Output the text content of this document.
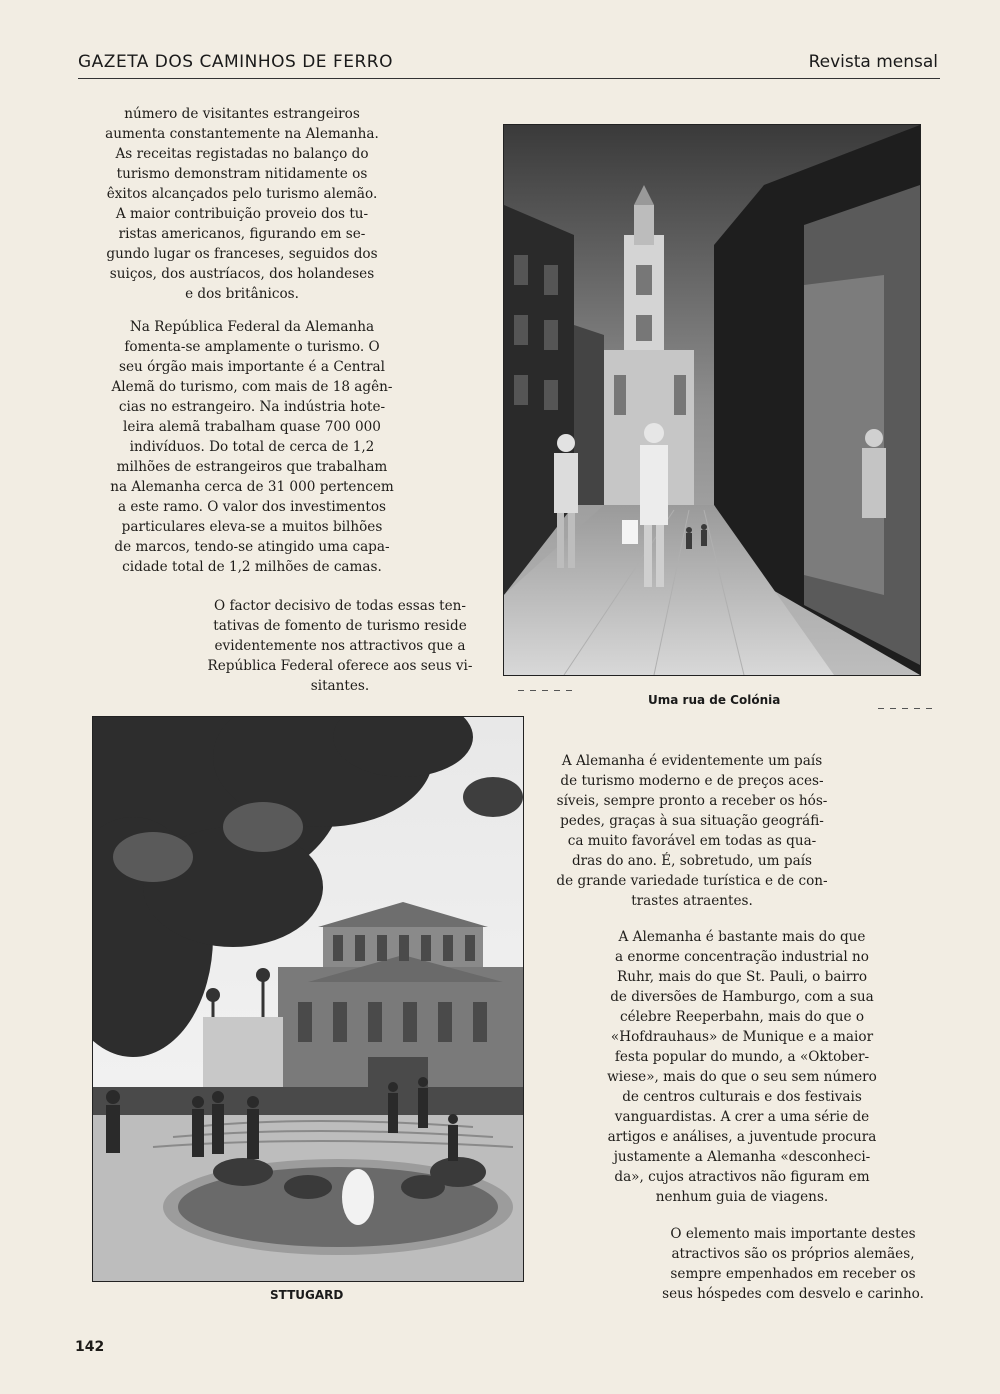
GAZETA DOS CAMINHOS DE FERRO	Revista mensal
número de visitantes estrangeiros
aumenta constantemente na Alemanha.
As receitas registadas no balanço do
turismo demonstram nitidamente os
êxitos alcançados pelo turismo alemão.
A maior contribuição proveio dos tu-
ristas americanos, figurando em se-
gundo lugar os franceses, seguidos dos
suiços, dos austríacos, dos holandeses
e dos britânicos.
Na República Federal da Alemanha
fomenta-se amplamente o turismo. O
seu órgão mais importante é a Central
Alemã do turismo, com mais de 18 agên-
cias no estrangeiro. Na indústria hote-
leira alemã trabalham quase 700 000
indivíduos. Do total de cerca de 1,2
milhões de estrangeiros que trabalham
na Alemanha cerca de 31 000 pertencem
a este ramo. O valor dos investimentos
particulares eleva-se a muitos bilhões
de marcos, tendo-se atingido uma capa-
cidade total de 1,2 milhões de camas.
O factor decisivo de todas essas ten-
tativas de fomento de turismo reside
evidentemente nos attractivos que a
República Federal oferece aos seus vi-
sitantes.
Uma rua de Colónia
STTUGARD
A Alemanha é evidentemente um país
de turismo moderno e de preços aces-
síveis, sempre pronto a receber os hós-
pedes, graças à sua situação geográfi-
ca muito favorável em todas as qua-
dras do ano. É, sobretudo, um país
de grande variedade turística e de con-
trastes atraentes.
A Alemanha é bastante mais do que
a enorme concentração industrial no
Ruhr, mais do que St. Pauli, o bairro
de diversões de Hamburgo, com a sua
célebre Reeperbahn, mais do que o
«Hofdrauhaus» de Munique e a maior
festa popular do mundo, a «Oktober-
wiese», mais do que o seu sem número
de centros culturais e dos festivais
vanguardistas. A crer a uma série de
artigos e análises, a juventude procura
justamente a Alemanha «desconheci-
da», cujos atractivos não figuram em
nenhum guia de viagens.
O elemento mais importante destes
atractivos são os próprios alemães,
sempre empenhados em receber os
seus hóspedes com desvelo e carinho.
142
